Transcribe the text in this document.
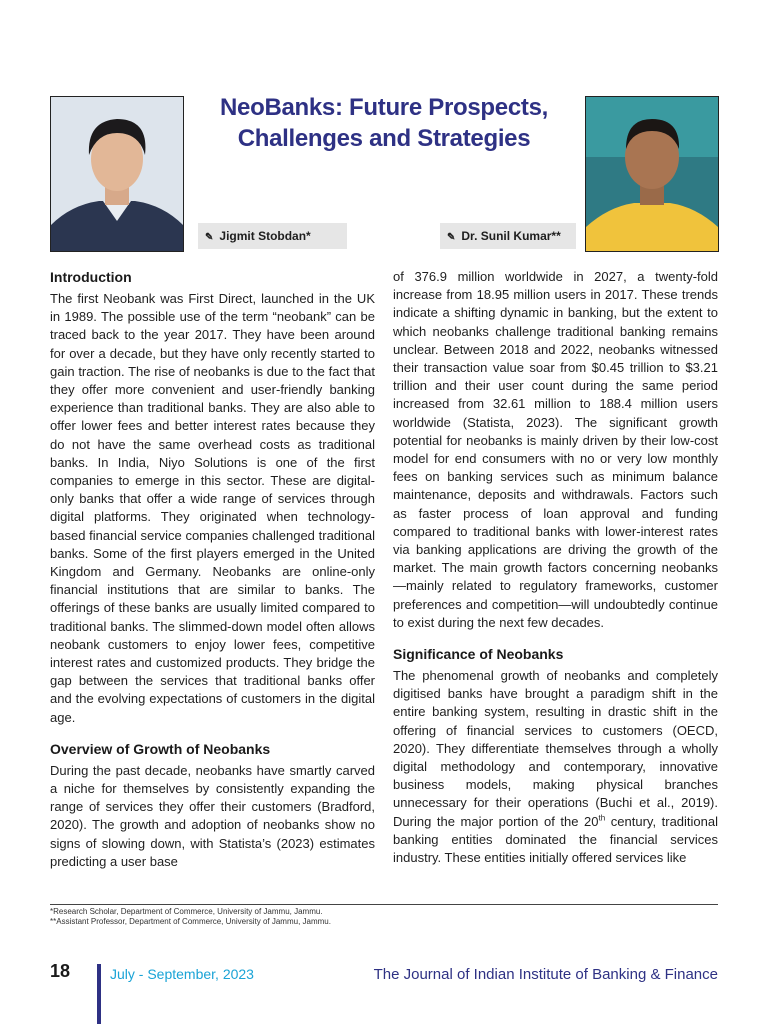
NeoBanks: Future Prospects,
Challenges and Strategies
✎ Jigmit Stobdan*	✎ Dr. Sunil Kumar**
Introduction

The first Neobank was First Direct, launched in the UK in 1989. The possible use of the term “neobank” can be traced back to the year 2017. They have been around for over a decade, but they have only recently started to gain traction. The rise of neobanks is due to the fact that they offer more convenient and user-friendly banking experience than traditional banks. They are also able to offer lower fees and better interest rates because they do not have the same overhead costs as traditional banks. In India, Niyo Solutions is one of the first companies to emerge in this sector. These are digital-only banks that offer a wide range of services through digital platforms. They originated when technology-based financial service companies challenged traditional banks. Some of the first players emerged in the United Kingdom and Germany. Neobanks are online-only financial institutions that are similar to banks. The offerings of these banks are usually limited compared to traditional banks. The slimmed-down model often allows neobank customers to enjoy lower fees, competitive interest rates and customized products. They bridge the gap between the services that traditional banks offer and the evolving expectations of customers in the digital age.

Overview of Growth of Neobanks

During the past decade, neobanks have smartly carved a niche for themselves by consistently expanding the range of services they offer their customers (Bradford, 2020). The growth and adoption of neobanks show no signs of slowing down, with Statista’s (2023) estimates predicting a user base

of 376.9 million worldwide in 2027, a twenty-fold increase from 18.95 million users in 2017. These trends indicate a shifting dynamic in banking, but the extent to which neobanks challenge traditional banking remains unclear. Between 2018 and 2022, neobanks witnessed their transaction value soar from $0.45 trillion to $3.21 trillion and their user count during the same period increased from 32.61 million to 188.4 million users worldwide (Statista, 2023). The significant growth potential for neobanks is mainly driven by their low-cost model for end consumers with no or very low monthly fees on banking services such as minimum balance maintenance, deposits and withdrawals. Factors such as faster process of loan approval and funding compared to traditional banks with lower-interest rates via banking applications are driving the growth of the market. The main growth factors concerning neobanks—mainly related to regulatory frameworks, customer preferences and competition—will undoubtedly continue to exist during the next few decades.

Significance of Neobanks

The phenomenal growth of neobanks and completely digitised banks have brought a paradigm shift in the entire banking system, resulting in drastic shift in the offering of financial services to customers (OECD, 2020). They differentiate themselves through a wholly digital methodology and contemporary, innovative business models, making physical branches unnecessary for their operations (Buchi et al., 2019). During the major portion of the 20th century, traditional banking entities dominated the financial services industry. These entities initially offered services like

*Research Scholar, Department of Commerce, University of Jammu, Jammu.
**Assistant Professor, Department of Commerce, University of Jammu, Jammu.
18	July - September, 2023	The Journal of Indian Institute of Banking & Finance
